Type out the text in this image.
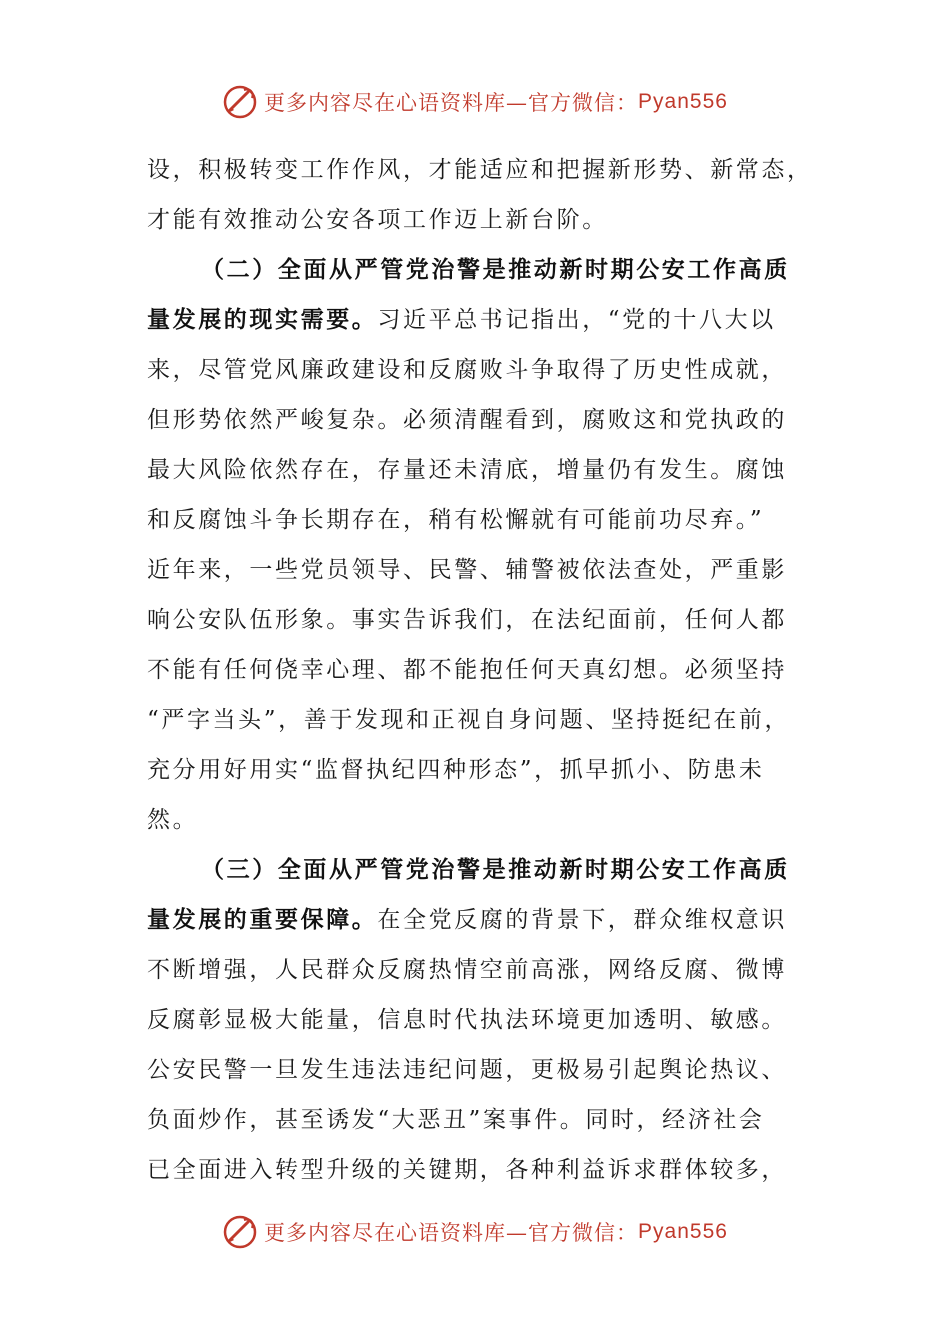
更多内容尽在心语资料库—官方微信： Pyan556
设，积极转变工作作风，才能适应和把握新形势、新常态，
才能有效推动公安各项工作迈上新台阶。
（二）全面从严管党治警是推动新时期公安工作高质
量发展的现实需要。习近平总书记指出，“党的十八大以
来，尽管党风廉政建设和反腐败斗争取得了历史性成就，
但形势依然严峻复杂。必须清醒看到，腐败这和党执政的
最大风险依然存在，存量还未清底，增量仍有发生。腐蚀
和反腐蚀斗争长期存在，稍有松懈就有可能前功尽弃。”
近年来，一些党员领导、民警、辅警被依法查处，严重影
响公安队伍形象。事实告诉我们，在法纪面前，任何人都
不能有任何侥幸心理、都不能抱任何天真幻想。必须坚持
“严字当头”，善于发现和正视自身问题、坚持挺纪在前，
充分用好用实“监督执纪四种形态”，抓早抓小、防患未
然。
（三）全面从严管党治警是推动新时期公安工作高质
量发展的重要保障。在全党反腐的背景下，群众维权意识
不断增强，人民群众反腐热情空前高涨，网络反腐、微博
反腐彰显极大能量，信息时代执法环境更加透明、敏感。
公安民警一旦发生违法违纪问题，更极易引起舆论热议、
负面炒作，甚至诱发“大恶丑”案事件。同时，经济社会
已全面进入转型升级的关键期，各种利益诉求群体较多，
更多内容尽在心语资料库—官方微信： Pyan556
